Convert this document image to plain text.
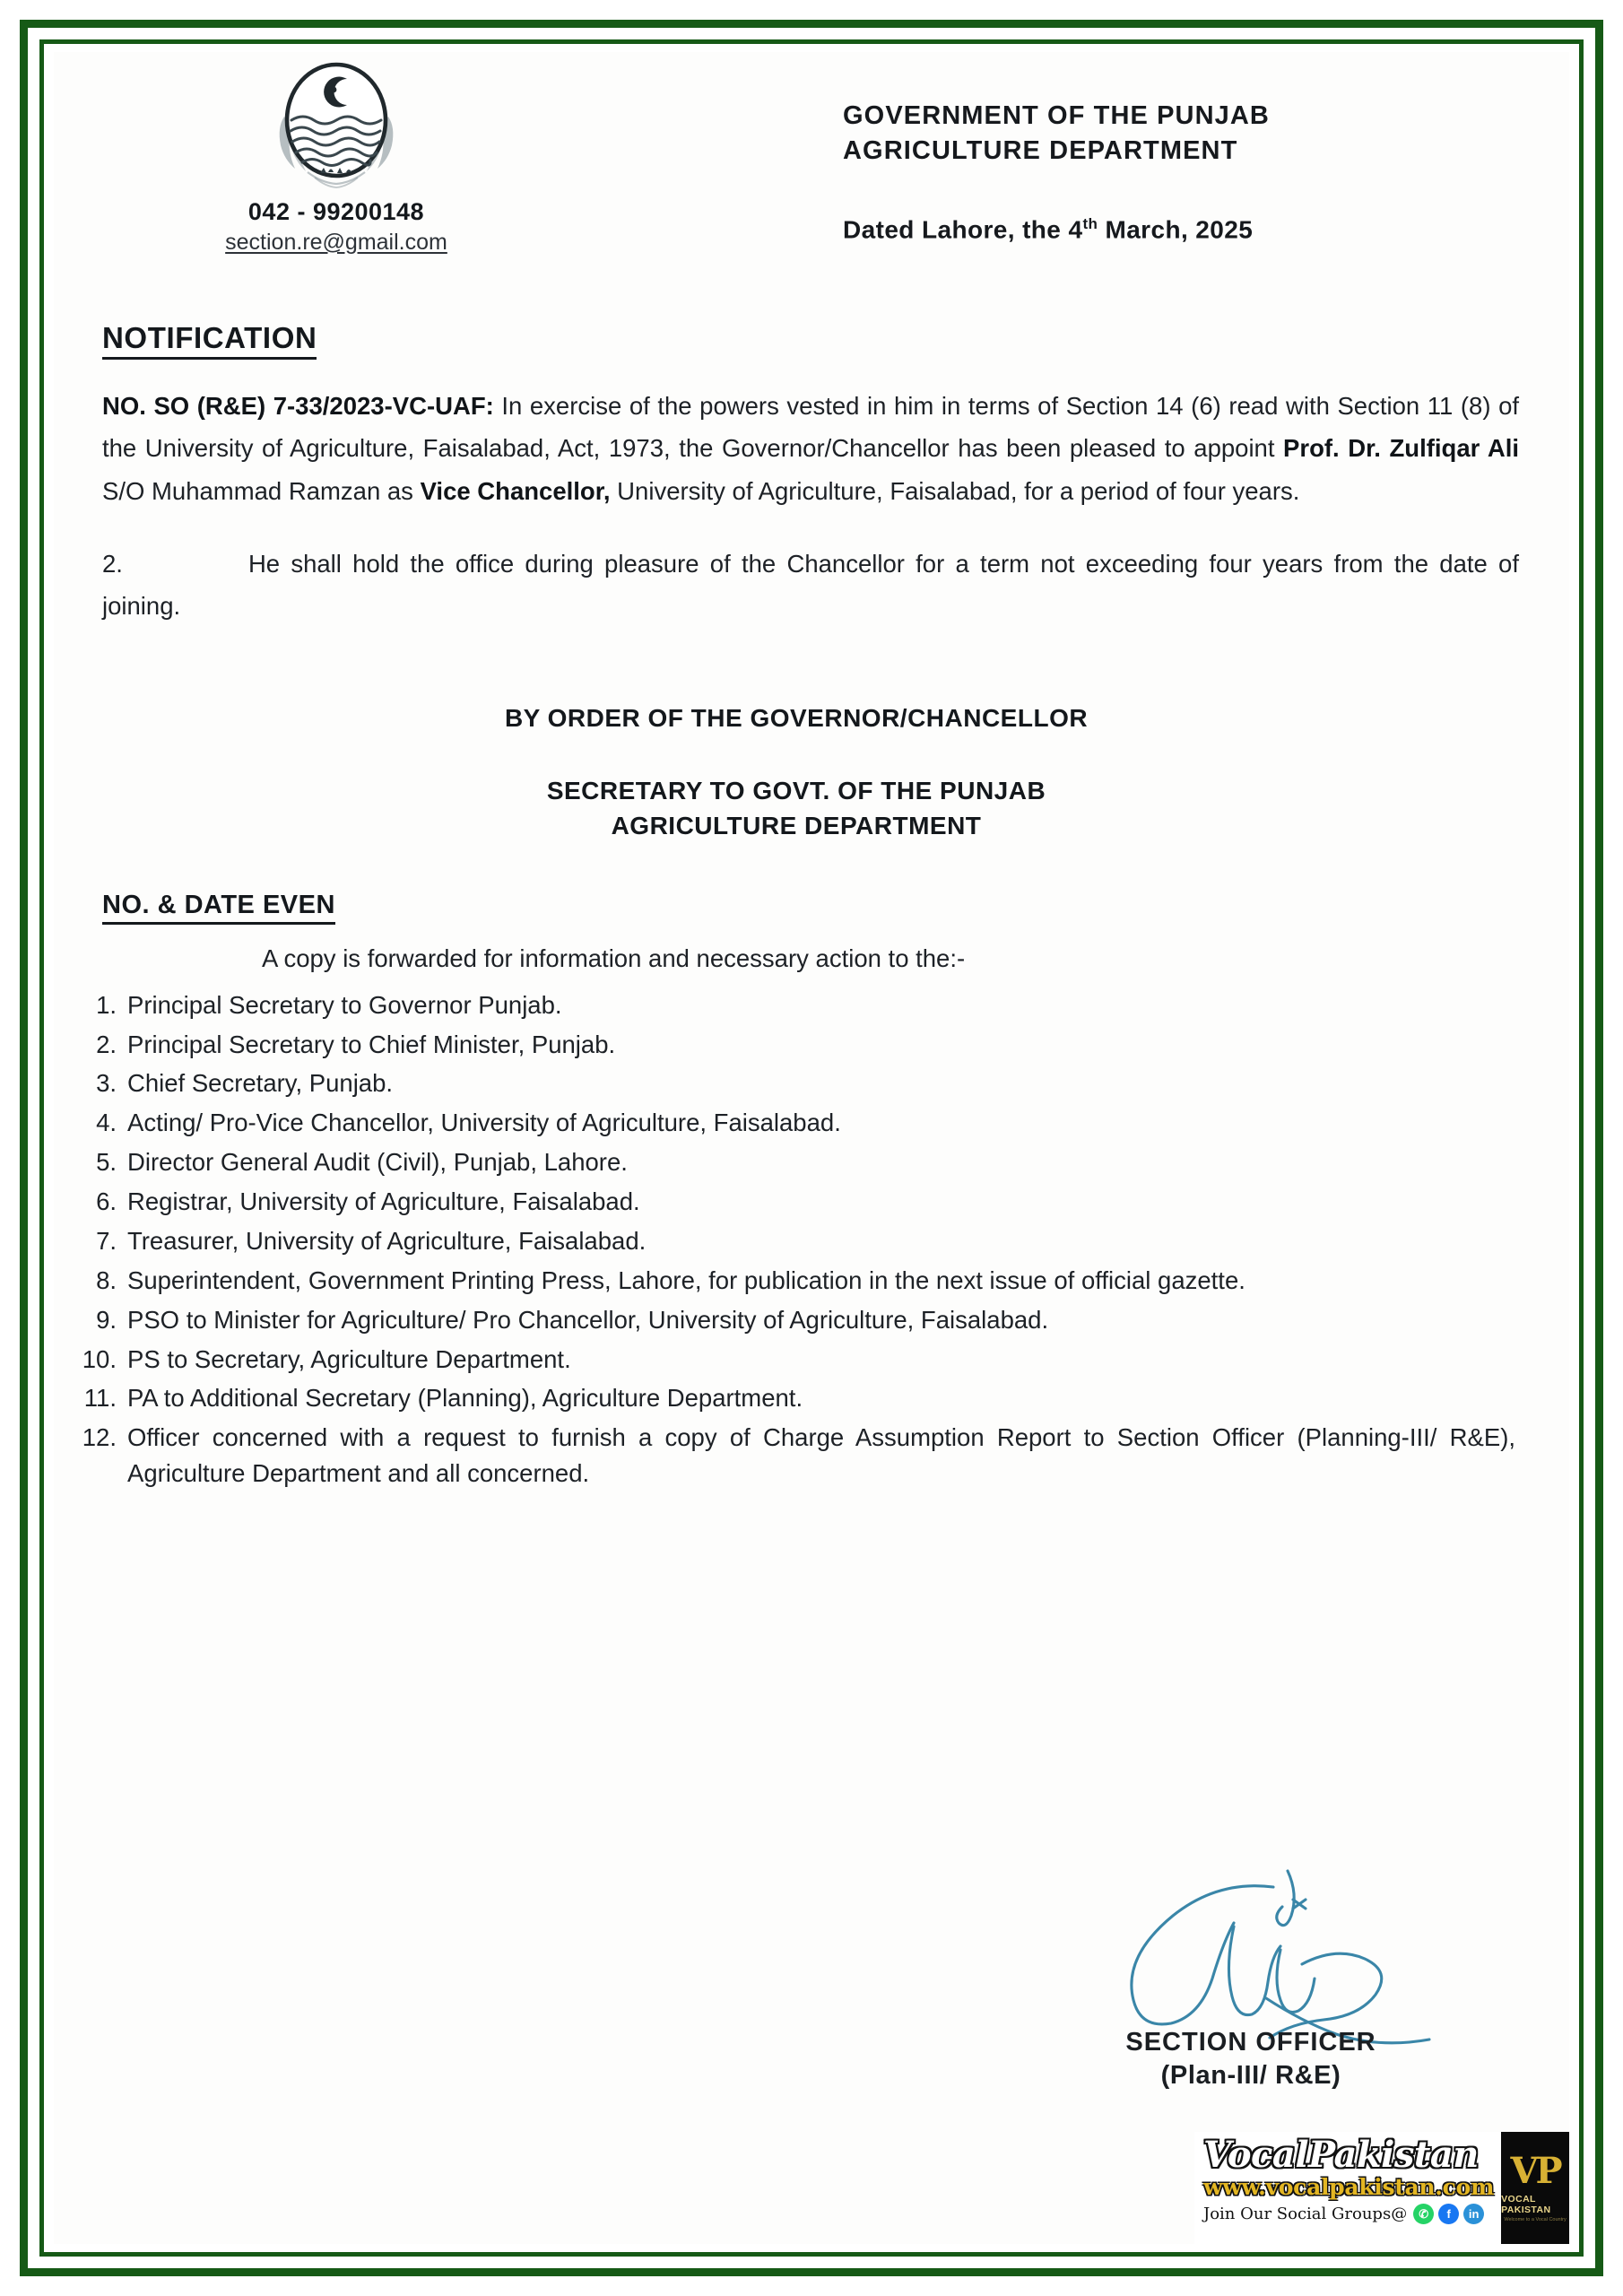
042 - 99200148
section.re@gmail.com
GOVERNMENT OF THE PUNJAB
AGRICULTURE DEPARTMENT
Dated Lahore, the 4th March, 2025
NOTIFICATION
NO. SO (R&E) 7-33/2023-VC-UAF: In exercise of the powers vested in him in terms of Section 14 (6) read with Section 11 (8) of the University of Agriculture, Faisalabad, Act, 1973, the Governor/Chancellor has been pleased to appoint Prof. Dr. Zulfiqar Ali S/O Muhammad Ramzan as Vice Chancellor, University of Agriculture, Faisalabad, for a period of four years.
2.	He shall hold the office during pleasure of the Chancellor for a term not exceeding four years from the date of joining.
BY ORDER OF THE GOVERNOR/CHANCELLOR
SECRETARY TO GOVT. OF THE PUNJAB
AGRICULTURE DEPARTMENT
NO. & DATE EVEN
A copy is forwarded for information and necessary action to the:-
1. Principal Secretary to Governor Punjab.
2. Principal Secretary to Chief Minister, Punjab.
3. Chief Secretary, Punjab.
4. Acting/ Pro-Vice Chancellor, University of Agriculture, Faisalabad.
5. Director General Audit (Civil), Punjab, Lahore.
6. Registrar, University of Agriculture, Faisalabad.
7. Treasurer, University of Agriculture, Faisalabad.
8. Superintendent, Government Printing Press, Lahore, for publication in the next issue of official gazette.
9. PSO to Minister for Agriculture/ Pro Chancellor, University of Agriculture, Faisalabad.
10. PS to Secretary, Agriculture Department.
11. PA to Additional Secretary (Planning), Agriculture Department.
12. Officer concerned with a request to furnish a copy of Charge Assumption Report to Section Officer (Planning-III/ R&E), Agriculture Department and all concerned.
SECTION OFFICER
(Plan-III/ R&E)
VocalPakistan
www.vocalpakistan.com
Join Our Social Groups@	✆	f	in
VP
VOCAL PAKISTAN
Welcome to a Vocal Country
